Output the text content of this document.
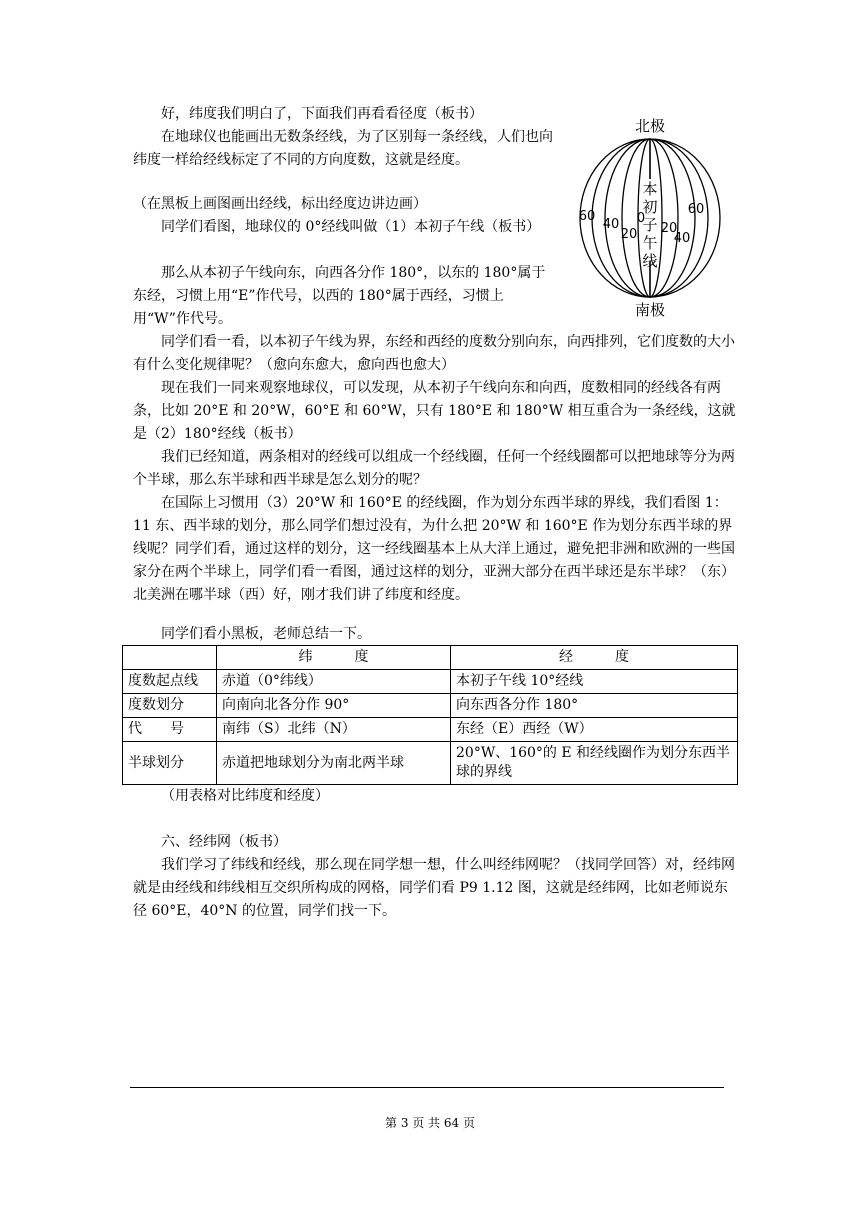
好，纬度我们明白了，下面我们再看看径度（板书）

在地球仪也能画出无数条经线，为了区别每一条经线，人们也向纬度一样给经线标定了不同的方向度数，这就是经度。

（在黑板上画图画出经线，标出经度边讲边画）

同学们看图，地球仪的 0°经线叫做（1）本初子午线（板书）

那么从本初子午线向东，向西各分作 180°，以东的 180°属于东经，习惯上用“E”作代号，以西的 180°属于西经，习惯上用“W”作代号。

同学们看一看，以本初子午线为界，东经和西经的度数分别向东，向西排列，它们度数的大小有什么变化规律呢？（愈向东愈大，愈向西也愈大）

现在我们一同来观察地球仪，可以发现，从本初子午线向东和向西，度数相同的经线各有两条，比如 20°E 和 20°W，60°E 和 60°W，只有 180°E 和 180°W 相互重合为一条经线，这就是（2）180°经线（板书）

我们已经知道，两条相对的经线可以组成一个经线圈，任何一个经线圈都可以把地球等分为两个半球，那么东半球和西半球是怎么划分的呢？

在国际上习惯用（3）20°W 和 160°E 的经线圈，作为划分东西半球的界线，我们看图 1：11 东、西半球的划分，那么同学们想过没有，为什么把 20°W 和 160°E 作为划分东西半球的界线呢？同学们看，通过这样的划分，这一经线圈基本上从大洋上通过，避免把非洲和欧洲的一些国家分在两个半球上，同学们看一看图，通过这样的划分，亚洲大部分在西半球还是东半球？（东）北美洲在哪半球（西）好，刚才我们讲了纬度和经度。

同学们看小黑板，老师总结一下。

北极
南极
本
初
子
午
线
0
60
40
20 20
40
60
	纬　　　度	经　　　度
度数起点线	赤道（0°纬线）	本初子午线 10°经线
度数划分	向南向北各分作 90°	向东西各分作 180°
代　　号	南纬（S）北纬（N）	东经（E）西经（W）
半球划分	赤道把地球划分为南北两半球	20°W、160°的 E 和经线圈作为划分东西半球的界线

（用表格对比纬度和经度）

六、经纬网（板书）

我们学习了纬线和经线，那么现在同学想一想，什么叫经纬网呢？（找同学回答）对，经纬网就是由经线和纬线相互交织所构成的网格，同学们看 P9 1.12 图，这就是经纬网，比如老师说东径 60°E，40°N 的位置，同学们找一下。

第 3 页 共 64 页
